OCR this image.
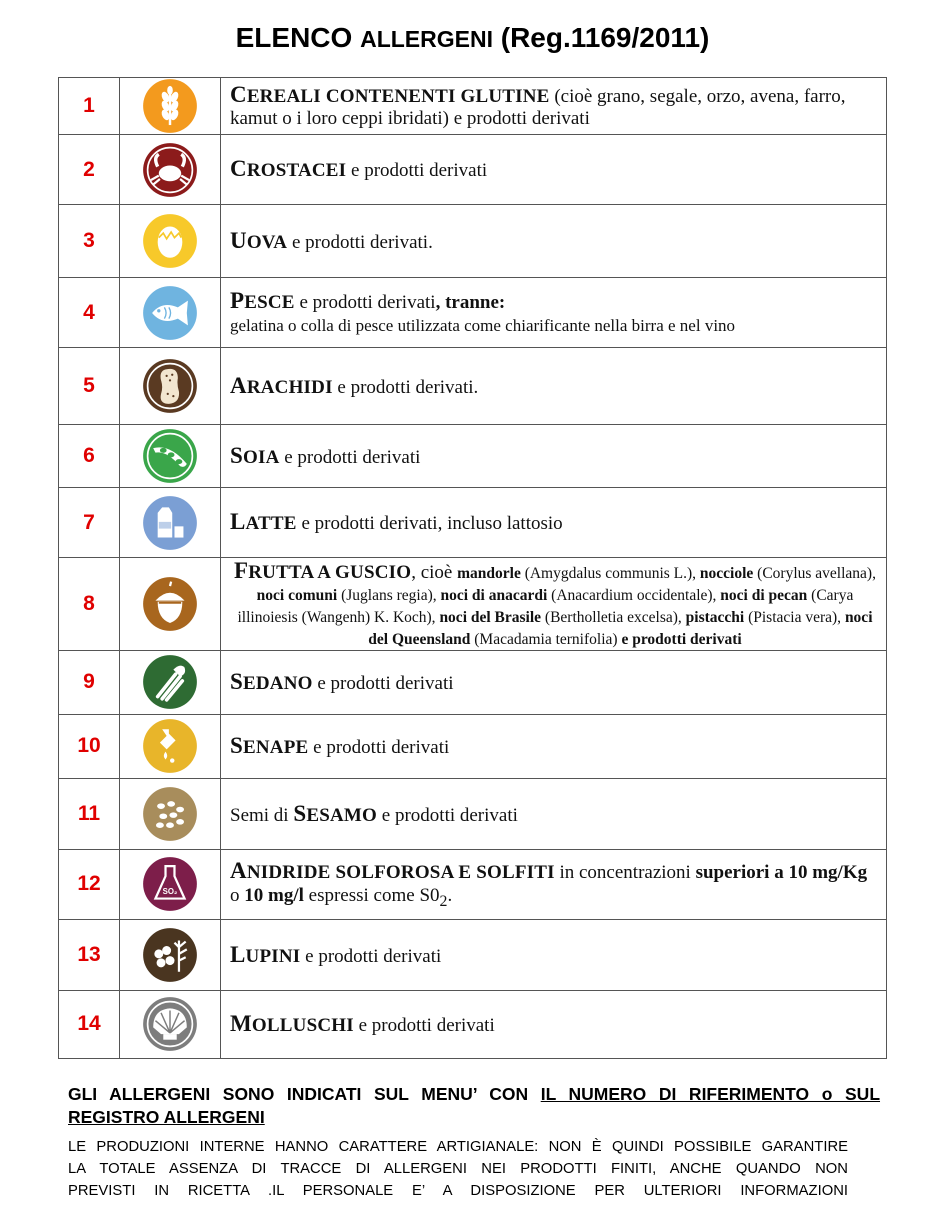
ELENCO ALLERGENI (Reg.1169/2011)
1		CEREALI CONTENENTI GLUTINE (cioè grano, segale, orzo, avena, farro, kamut o i loro ceppi ibridati) e prodotti derivati
2		CROSTACEI e prodotti derivati
3		UOVA e prodotti derivati.
4		PESCE e prodotti derivati, tranne:
gelatina o colla di pesce utilizzata come chiarificante nella birra e nel vino
5		ARACHIDI e prodotti derivati.
6		SOIA e prodotti derivati
7		LATTE e prodotti derivati, incluso lattosio
8		FRUTTA A GUSCIO, cioè mandorle (Amygdalus communis L.), nocciole (Corylus avellana), noci comuni (Juglans regia), noci di anacardi (Anacardium occidentale), noci di pecan (Carya illinoiesis (Wangenh) K. Koch), noci del Brasile (Bertholletia excelsa), pistacchi (Pistacia vera), noci del Queensland (Macadamia ternifolia) e prodotti derivati
9		SEDANO e prodotti derivati
10		SENAPE e prodotti derivati
11		Semi di SESAMO e prodotti derivati
12	SO₂	ANIDRIDE SOLFOROSA E SOLFITI in concentrazioni superiori a 10 mg/Kg o 10 mg/l espressi come $S0_2$.
13		LUPINI e prodotti derivati
14		MOLLUSCHI e prodotti derivati
GLI ALLERGENI SONO INDICATI SUL MENU’ CON IL NUMERO DI RIFERIMENTO o SUL REGISTRO ALLERGENI
LE PRODUZIONI INTERNE HANNO CARATTERE ARTIGIANALE: NON È QUINDI POSSIBILE GARANTIRE
LA TOTALE ASSENZA DI TRACCE DI ALLERGENI NEI PRODOTTI FINITI, ANCHE QUANDO NON
PREVISTI IN RICETTA .IL PERSONALE E’ A DISPOSIZIONE PER ULTERIORI INFORMAZIONI
